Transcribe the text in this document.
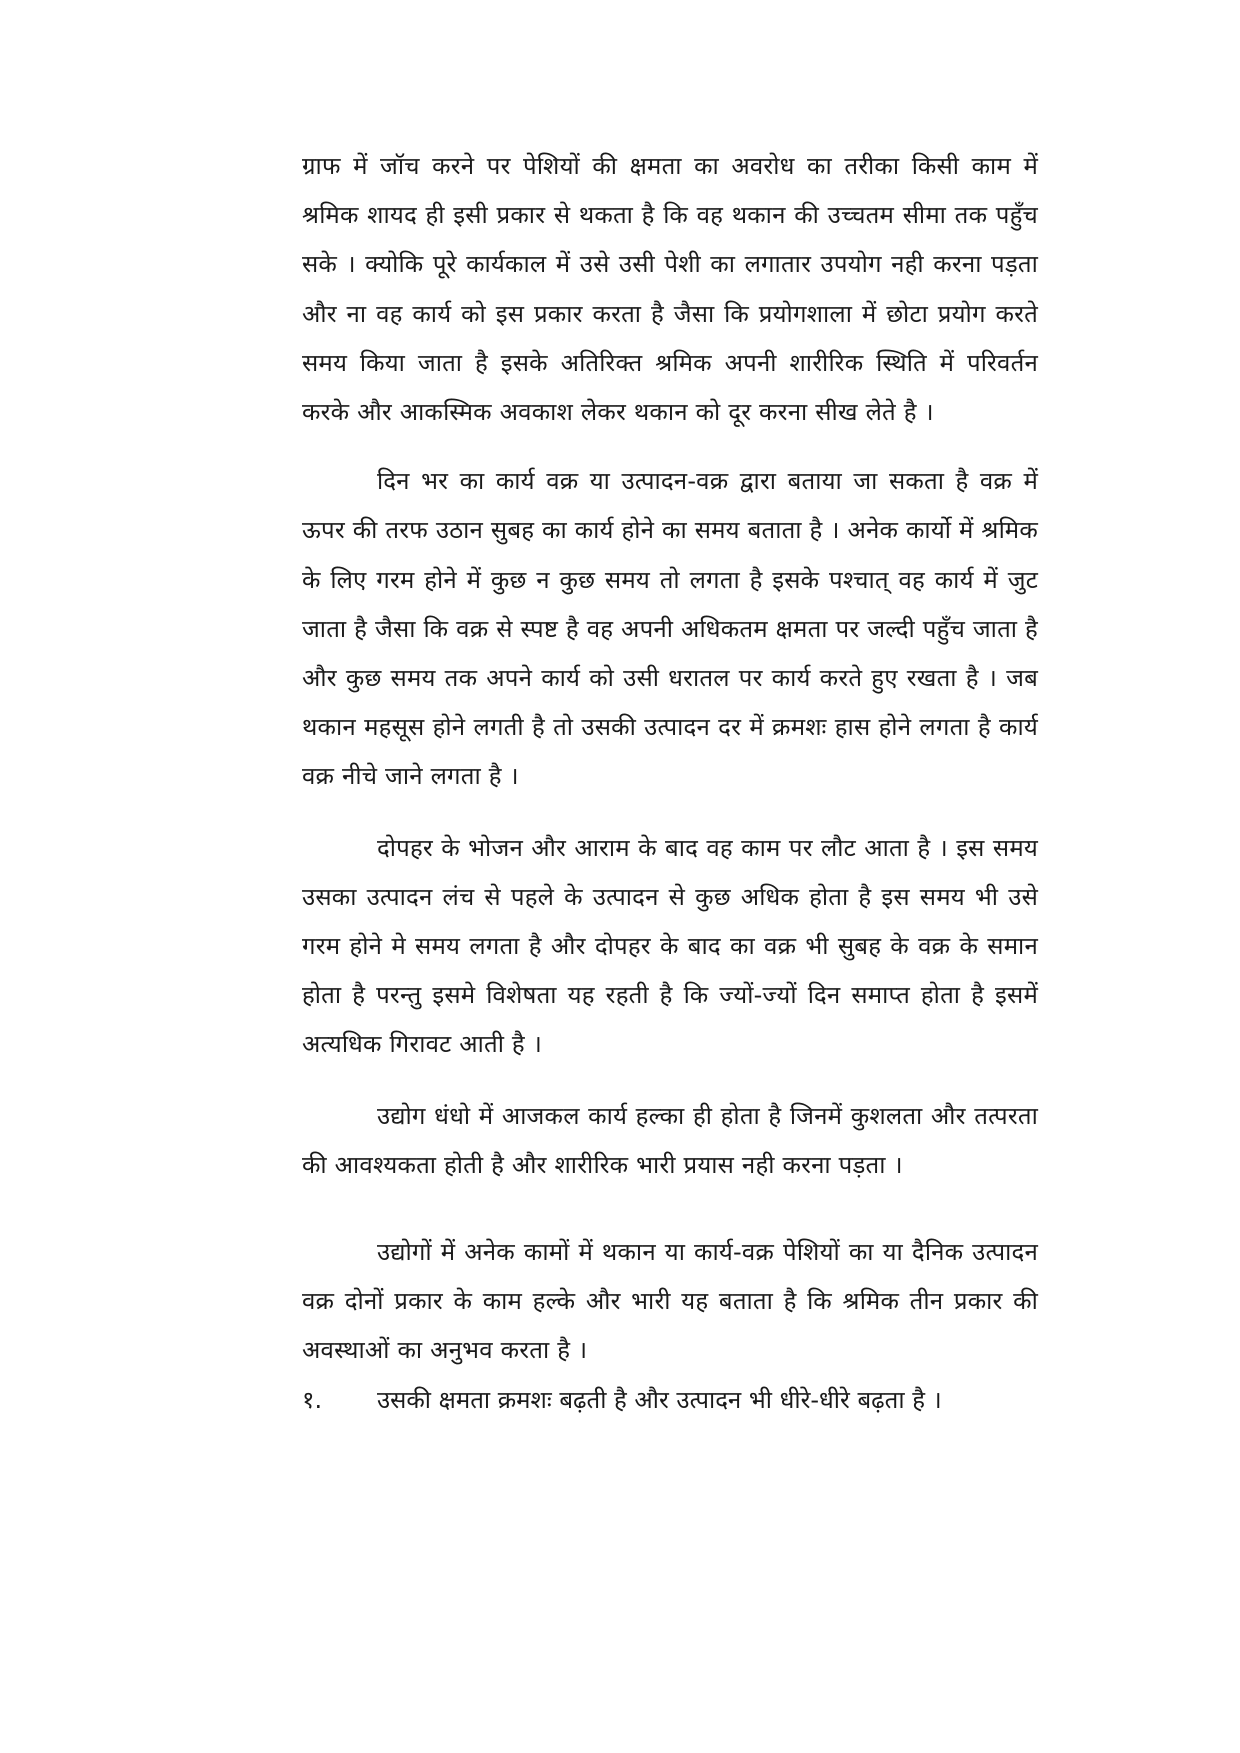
ग्राफ में जॉच करने पर पेशियों की क्षमता का अवरोध का तरीका किसी काम में श्रमिक शायद ही इसी प्रकार से थकता है कि वह थकान की उच्चतम सीमा तक पहुँच सके । क्योकि पूरे कार्यकाल में उसे उसी पेशी का लगातार उपयोग नही करना पड़ता और ना वह कार्य को इस प्रकार करता है जैसा कि प्रयोगशाला में छोटा प्रयोग करते समय किया जाता है इसके अतिरिक्त श्रमिक अपनी शारीरिक स्थिति में परिवर्तन करके और आकस्मिक अवकाश लेकर थकान को दूर करना सीख लेते है ।

दिन भर का कार्य वक्र या उत्पादन-वक्र द्वारा बताया जा सकता है वक्र में ऊपर की तरफ उठान सुबह का कार्य होने का समय बताता है । अनेक कार्यो में श्रमिक के लिए गरम होने में कुछ न कुछ समय तो लगता है इसके पश्चात् वह कार्य में जुट जाता है जैसा कि वक्र से स्पष्ट है वह अपनी अधिकतम क्षमता पर जल्दी पहुँच जाता है और कुछ समय तक अपने कार्य को उसी धरातल पर कार्य करते हुए रखता है । जब थकान महसूस होने लगती है तो उसकी उत्पादन दर में क्रमशः हास होने लगता है कार्य वक्र नीचे जाने लगता है ।

दोपहर के भोजन और आराम के बाद वह काम पर लौट आता है । इस समय उसका उत्पादन लंच से पहले के उत्पादन से कुछ अधिक होता है इस समय भी उसे गरम होने मे समय लगता है और दोपहर के बाद का वक्र भी सुबह के वक्र के समान होता है परन्तु इसमे विशेषता यह रहती है कि ज्यों-ज्यों दिन समाप्त होता है इसमें अत्यधिक गिरावट आती है ।

उद्योग धंधो में आजकल कार्य हल्का ही होता है जिनमें कुशलता और तत्परता की आवश्यकता होती है और शारीरिक भारी प्रयास नही करना पड़ता ।

उद्योगों में अनेक कामों में थकान या कार्य-वक्र पेशियों का या दैनिक उत्पादन वक्र दोनों प्रकार के काम हल्के और भारी यह बताता है कि श्रमिक तीन प्रकार की अवस्थाओं का अनुभव करता है ।

१.	उसकी क्षमता क्रमशः बढ़ती है और उत्पादन भी धीरे-धीरे बढ़ता है ।
